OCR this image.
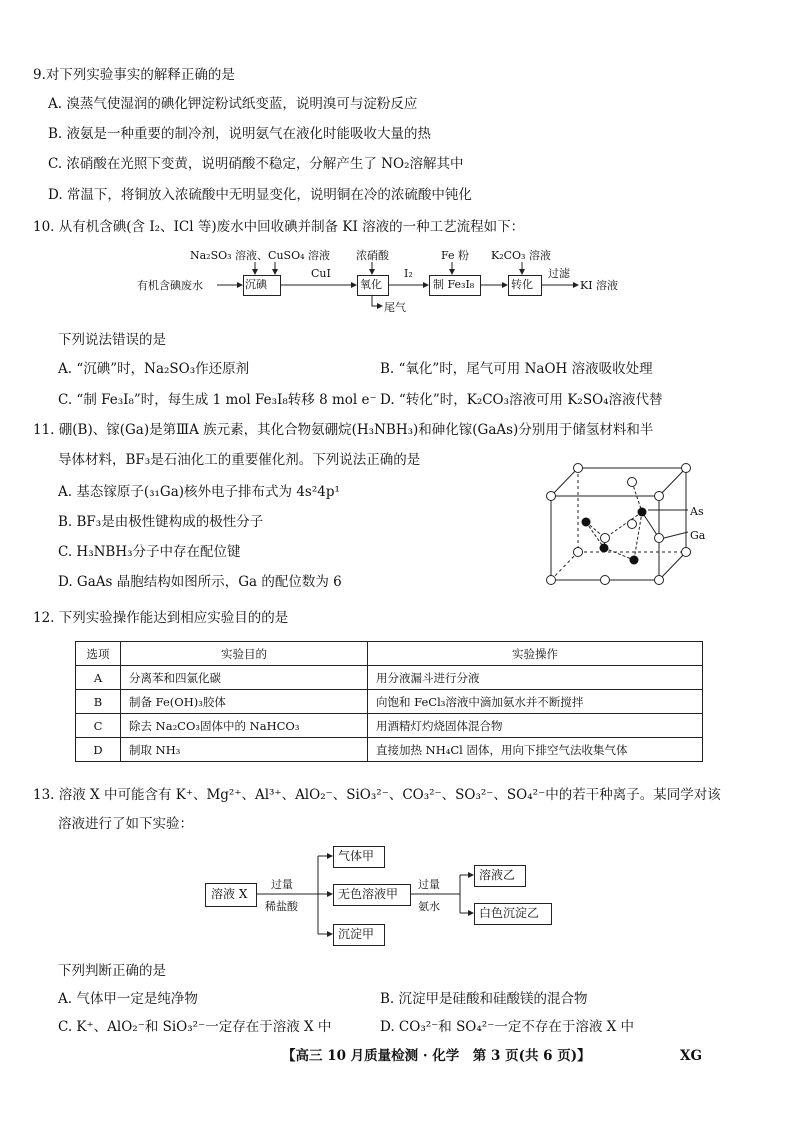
9.对下列实验事实的解释正确的是
A. 溴蒸气使湿润的碘化钾淀粉试纸变蓝，说明溴可与淀粉反应
B. 液氨是一种重要的制冷剂，说明氨气在液化时能吸收大量的热
C. 浓硝酸在光照下变黄，说明硝酸不稳定，分解产生了 NO₂溶解其中
D. 常温下，将铜放入浓硫酸中无明显变化，说明铜在冷的浓硫酸中钝化
10. 从有机含碘(含 I₂、ICl 等)废水中回收碘并制备 KI 溶液的一种工艺流程如下：
Na₂SO₃ 溶液、CuSO₄ 溶液 浓硝酸	Fe 粉 K₂CO₃ 溶液
有机含碘废水	沉碘
CuI
氧化
I₂
制 Fe₃I₈	转化
过滤
KI 溶液
尾气
下列说法错误的是
A. “沉碘”时，Na₂SO₃作还原剂	B. “氧化”时，尾气可用 NaOH 溶液吸收处理
C. “制 Fe₃I₈”时，每生成 1 mol Fe₃I₈转移 8 mol e⁻ D. “转化”时，K₂CO₃溶液可用 K₂SO₄溶液代替
11. 硼(B)、镓(Ga)是第ⅢA 族元素，其化合物氨硼烷(H₃NBH₃)和砷化镓(GaAs)分别用于储氢材料和半
导体材料，BF₃是石油化工的重要催化剂。下列说法正确的是
A. 基态镓原子(₃₁Ga)核外电子排布式为 4s²4p¹
B. BF₃是由极性键构成的极性分子
C. H₃NBH₃分子中存在配位键
D. GaAs 晶胞结构如图所示，Ga 的配位数为 6
As
Ga
12. 下列实验操作能达到相应实验目的的是
选项	实验目的	实验操作
A	分离苯和四氯化碳	用分液漏斗进行分液
B	制备 Fe(OH)₃胶体	向饱和 FeCl₃溶液中滴加氨水并不断搅拌
C	除去 Na₂CO₃固体中的 NaHCO₃	用酒精灯灼烧固体混合物
D	制取 NH₃	直接加热 NH₄Cl 固体，用向下排空气法收集气体
13. 溶液 X 中可能含有 K⁺、Mg²⁺、Al³⁺、AlO₂⁻、SiO₃²⁻、CO₃²⁻、SO₃²⁻、SO₄²⁻中的若干种离子。某同学对该
溶液进行了如下实验：
溶液 X
过量
稀盐酸
气体甲
无色溶液甲
沉淀甲
过量
氨水
溶液乙
白色沉淀乙
下列判断正确的是
A. 气体甲一定是纯净物	B. 沉淀甲是硅酸和硅酸镁的混合物
C. K⁺、AlO₂⁻和 SiO₃²⁻一定存在于溶液 X 中	D. CO₃²⁻和 SO₄²⁻一定不存在于溶液 X 中
【高三 10 月质量检测 · 化学　第 3 页(共 6 页)】	XG
